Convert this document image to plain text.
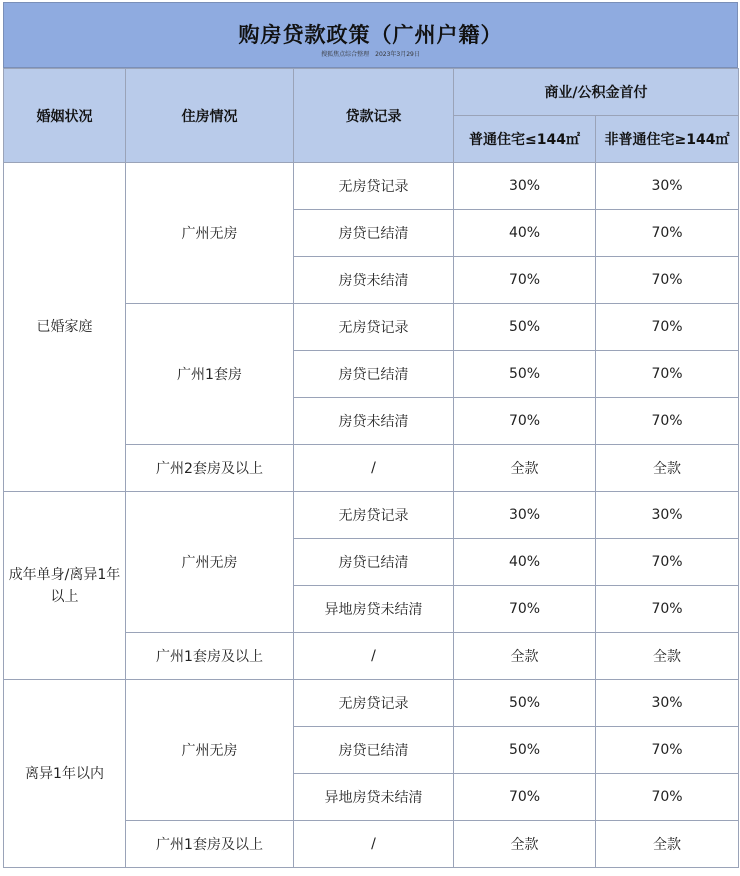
购房贷款政策（广州户籍）
搜狐焦点综合整理　2023年3月29日
婚姻状况	住房情况	贷款记录	商业/公积金首付	
			普通住宅≤144㎡	非普通住宅≥144㎡
已婚家庭	广州无房	无房贷记录	30%	30%
		房贷已结清	40%	70%
		房贷未结清	70%	70%
	广州1套房	无房贷记录	50%	70%
		房贷已结清	50%	70%
		房贷未结清	70%	70%
	广州2套房及以上	/	全款	全款
成年单身/离异1年以上	广州无房	无房贷记录	30%	30%
		房贷已结清	40%	70%
		异地房贷未结清	70%	70%
	广州1套房及以上	/	全款	全款
离异1年以内	广州无房	无房贷记录	50%	30%
		房贷已结清	50%	70%
		异地房贷未结清	70%	70%
	广州1套房及以上	/	全款	全款
